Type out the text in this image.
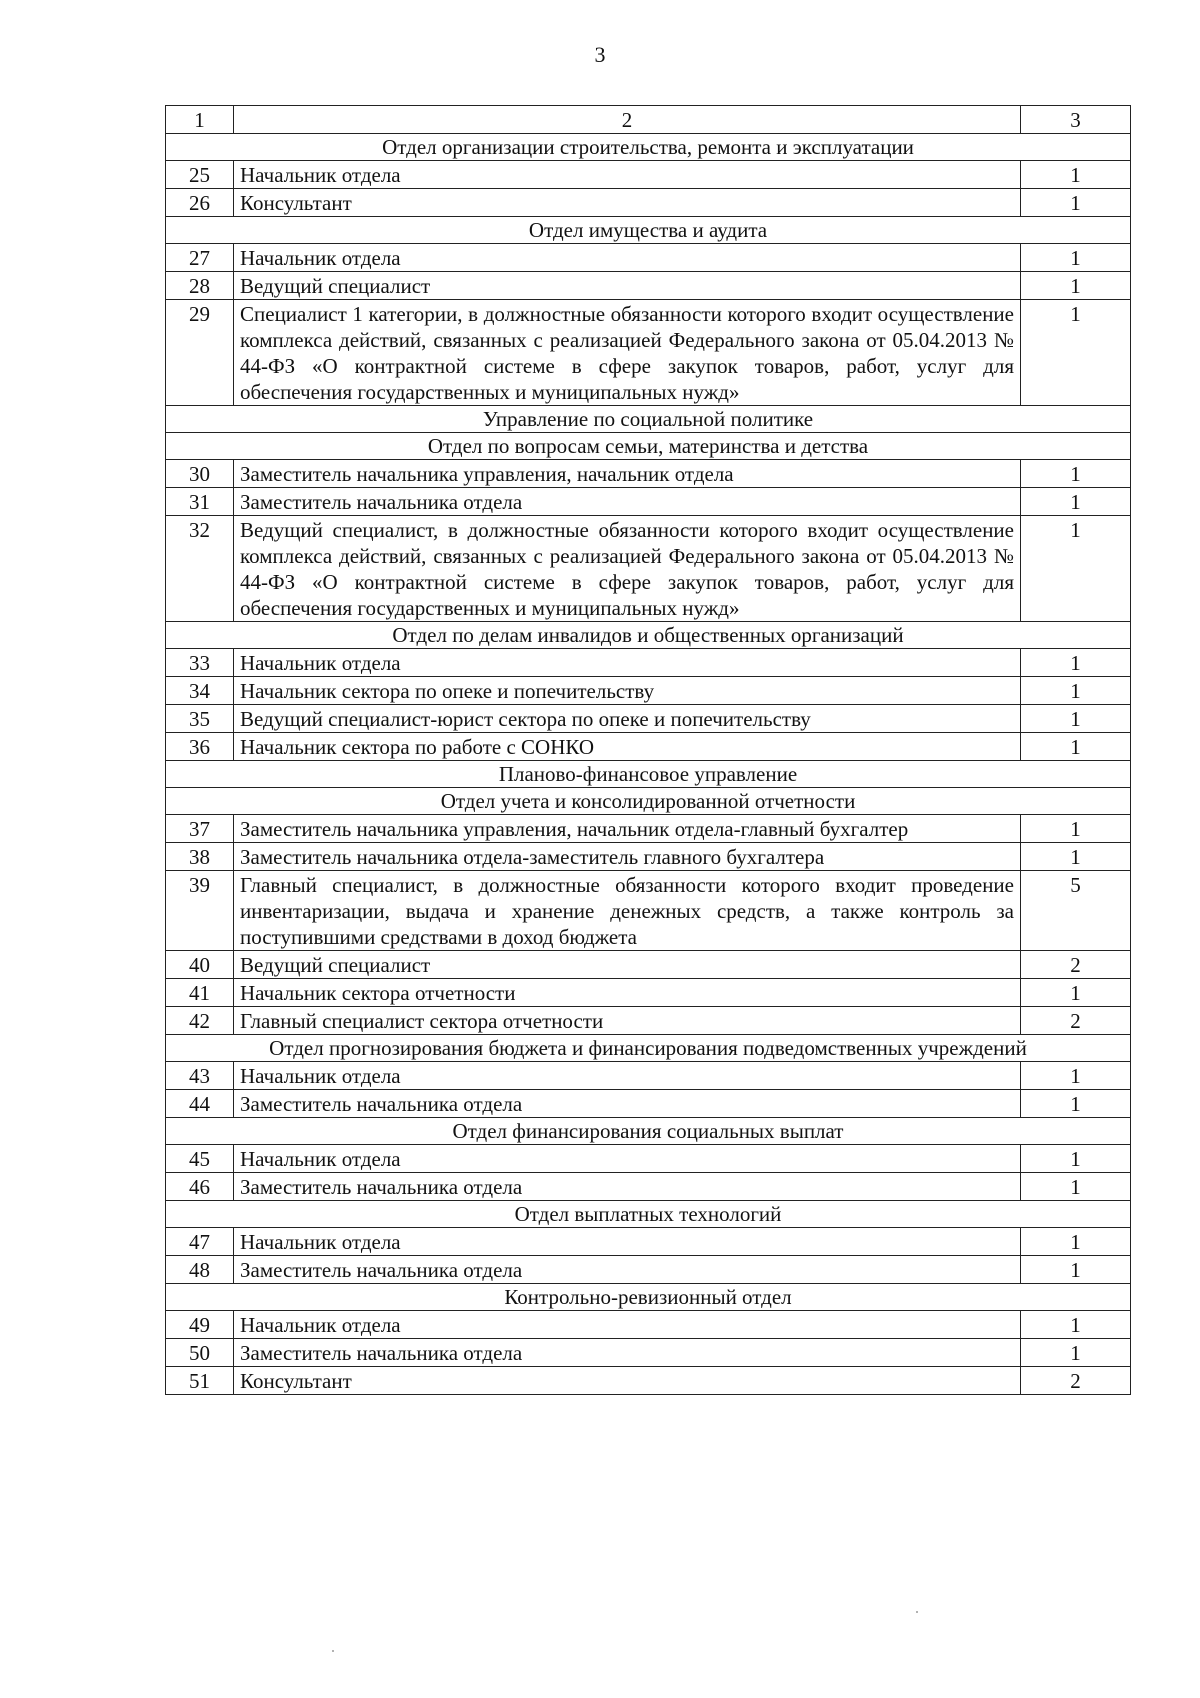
3
1	2	3
Отдел организации строительства, ремонта и эксплуатации		
25	Начальник отдела	1
26	Консультант	1
Отдел имущества и аудита		
27	Начальник отдела	1
28	Ведущий специалист	1
29	Специалист 1 категории, в должностные обязанности которого входит осуществление комплекса действий, связанных с реализацией Федерального закона от 05.04.2013 № 44-ФЗ «О контрактной системе в сфере закупок товаров, работ, услуг для обеспечения государственных и муниципальных нужд»	1
Управление по социальной политике		
Отдел по вопросам семьи, материнства и детства		
30	Заместитель начальника управления, начальник отдела	1
31	Заместитель начальника отдела	1
32	Ведущий специалист, в должностные обязанности которого входит осуществление комплекса действий, связанных с реализацией Федерального закона от 05.04.2013 № 44-ФЗ «О контрактной системе в сфере закупок товаров, работ, услуг для обеспечения государственных и муниципальных нужд»	1
Отдел по делам инвалидов и общественных организаций		
33	Начальник отдела	1
34	Начальник сектора по опеке и попечительству	1
35	Ведущий специалист-юрист сектора по опеке и попечительству	1
36	Начальник сектора по работе с СОНКО	1
Планово-финансовое управление		
Отдел учета и консолидированной отчетности		
37	Заместитель начальника управления, начальник отдела-главный бухгалтер	1
38	Заместитель начальника отдела-заместитель главного бухгалтера	1
39	Главный специалист, в должностные обязанности которого входит проведение инвентаризации, выдача и хранение денежных средств, а также контроль за поступившими средствами в доход бюджета	5
40	Ведущий специалист	2
41	Начальник сектора отчетности	1
42	Главный специалист сектора отчетности	2
Отдел прогнозирования бюджета и финансирования подведомственных учреждений		
43	Начальник отдела	1
44	Заместитель начальника отдела	1
Отдел финансирования социальных выплат		
45	Начальник отдела	1
46	Заместитель начальника отдела	1
Отдел выплатных технологий		
47	Начальник отдела	1
48	Заместитель начальника отдела	1
Контрольно-ревизионный отдел		
49	Начальник отдела	1
50	Заместитель начальника отдела	1
51	Консультант	2
